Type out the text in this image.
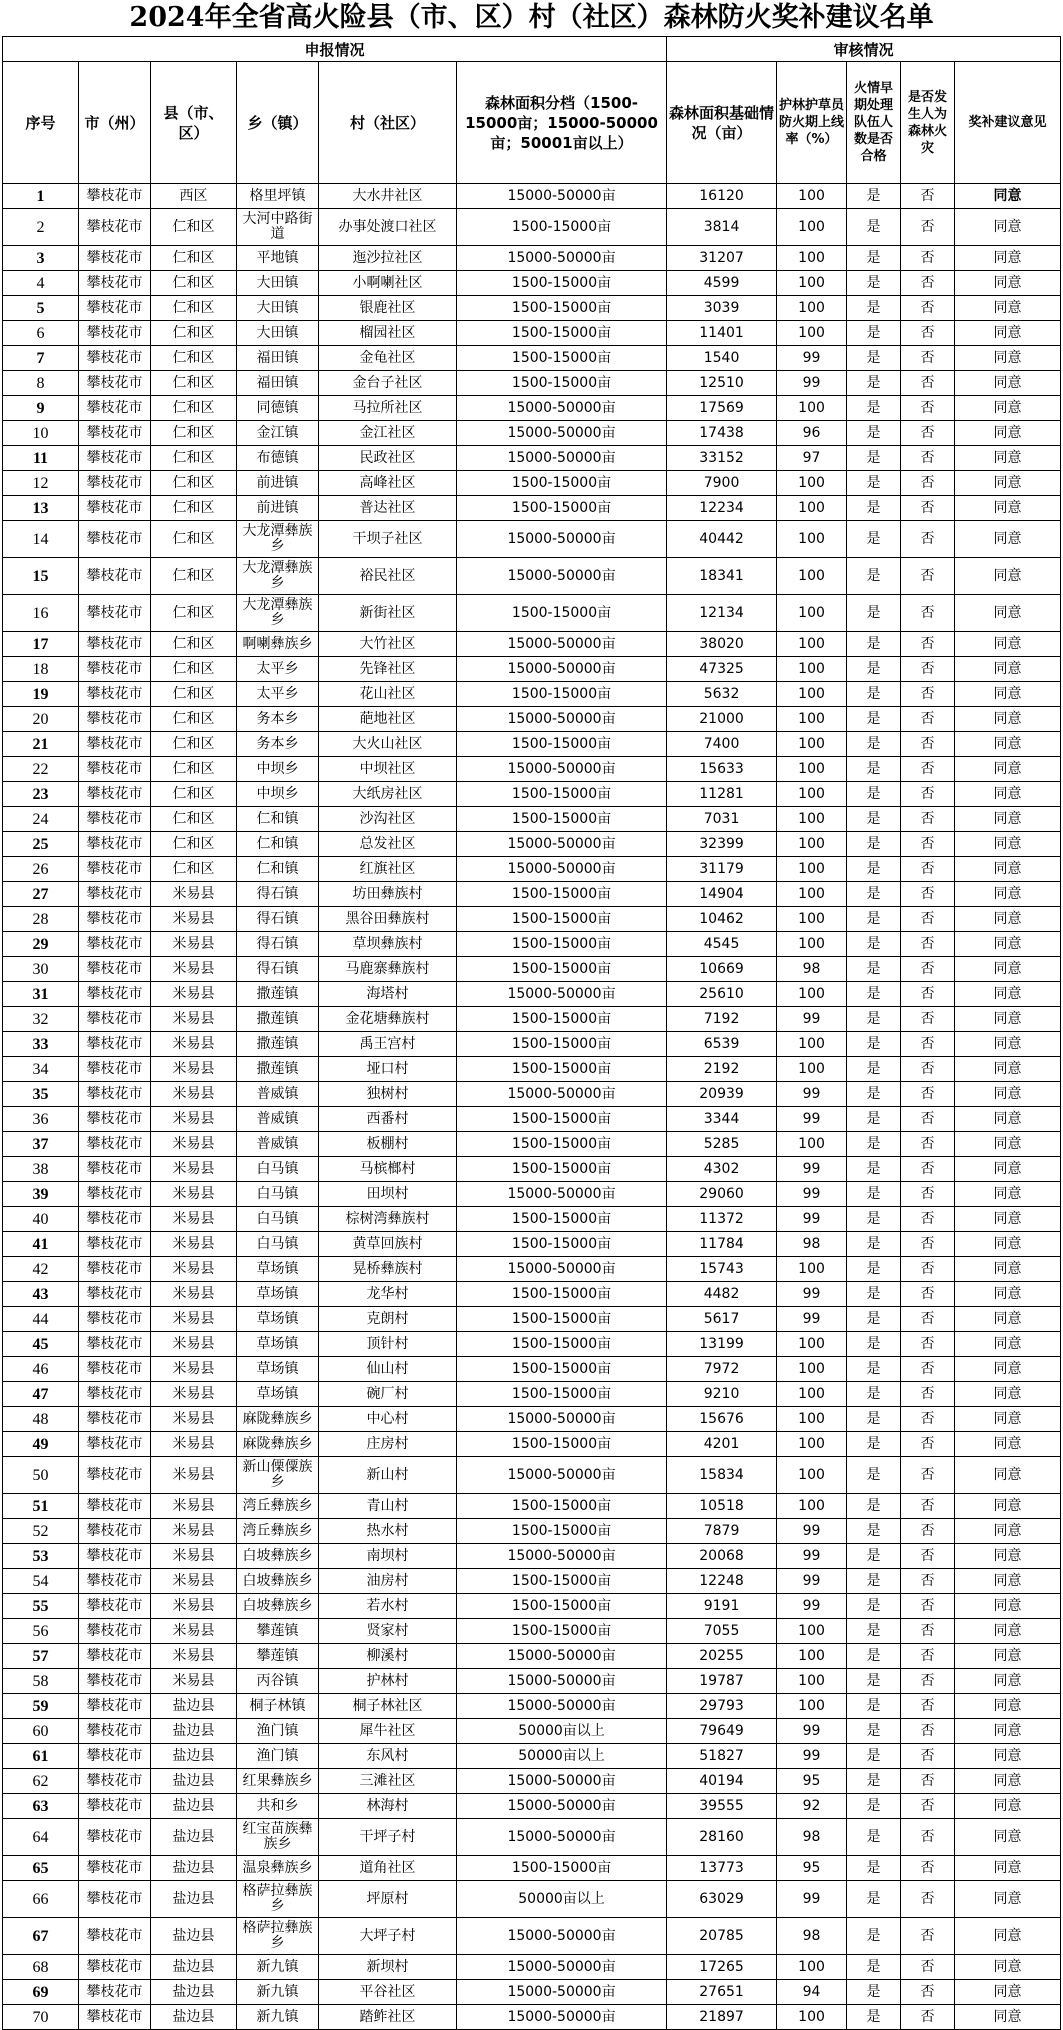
2024年全省高火险县（市、区）村（社区）森林防火奖补建议名单
申报情况						审核情况				
序号	市（州）	县（市、区）	乡（镇）	村（社区）	森林面积分档（1500-15000亩；15000-50000亩；50001亩以上）	森林面积基础情况（亩）	护林护草员防火期上线率（%）	火情早期处理队伍人数是否合格	是否发生人为森林火灾	奖补建议意见
1	攀枝花市	西区	格里坪镇	大水井社区	15000-50000亩	16120	100	是	否	同意
2	攀枝花市	仁和区	大河中路街道	办事处渡口社区	1500-15000亩	3814	100	是	否	同意
3	攀枝花市	仁和区	平地镇	迤沙拉社区	15000-50000亩	31207	100	是	否	同意
4	攀枝花市	仁和区	大田镇	小啊喇社区	1500-15000亩	4599	100	是	否	同意
5	攀枝花市	仁和区	大田镇	银鹿社区	1500-15000亩	3039	100	是	否	同意
6	攀枝花市	仁和区	大田镇	榴园社区	1500-15000亩	11401	100	是	否	同意
7	攀枝花市	仁和区	福田镇	金龟社区	1500-15000亩	1540	99	是	否	同意
8	攀枝花市	仁和区	福田镇	金台子社区	1500-15000亩	12510	99	是	否	同意
9	攀枝花市	仁和区	同德镇	马拉所社区	15000-50000亩	17569	100	是	否	同意
10	攀枝花市	仁和区	金江镇	金江社区	15000-50000亩	17438	96	是	否	同意
11	攀枝花市	仁和区	布德镇	民政社区	15000-50000亩	33152	97	是	否	同意
12	攀枝花市	仁和区	前进镇	高峰社区	1500-15000亩	7900	100	是	否	同意
13	攀枝花市	仁和区	前进镇	普达社区	1500-15000亩	12234	100	是	否	同意
14	攀枝花市	仁和区	大龙潭彝族乡	干坝子社区	15000-50000亩	40442	100	是	否	同意
15	攀枝花市	仁和区	大龙潭彝族乡	裕民社区	15000-50000亩	18341	100	是	否	同意
16	攀枝花市	仁和区	大龙潭彝族乡	新街社区	1500-15000亩	12134	100	是	否	同意
17	攀枝花市	仁和区	啊喇彝族乡	大竹社区	15000-50000亩	38020	100	是	否	同意
18	攀枝花市	仁和区	太平乡	先锋社区	15000-50000亩	47325	100	是	否	同意
19	攀枝花市	仁和区	太平乡	花山社区	1500-15000亩	5632	100	是	否	同意
20	攀枝花市	仁和区	务本乡	葩地社区	15000-50000亩	21000	100	是	否	同意
21	攀枝花市	仁和区	务本乡	大火山社区	1500-15000亩	7400	100	是	否	同意
22	攀枝花市	仁和区	中坝乡	中坝社区	15000-50000亩	15633	100	是	否	同意
23	攀枝花市	仁和区	中坝乡	大纸房社区	1500-15000亩	11281	100	是	否	同意
24	攀枝花市	仁和区	仁和镇	沙沟社区	1500-15000亩	7031	100	是	否	同意
25	攀枝花市	仁和区	仁和镇	总发社区	15000-50000亩	32399	100	是	否	同意
26	攀枝花市	仁和区	仁和镇	红旗社区	15000-50000亩	31179	100	是	否	同意
27	攀枝花市	米易县	得石镇	坊田彝族村	1500-15000亩	14904	100	是	否	同意
28	攀枝花市	米易县	得石镇	黑谷田彝族村	1500-15000亩	10462	100	是	否	同意
29	攀枝花市	米易县	得石镇	草坝彝族村	1500-15000亩	4545	100	是	否	同意
30	攀枝花市	米易县	得石镇	马鹿寨彝族村	1500-15000亩	10669	98	是	否	同意
31	攀枝花市	米易县	撒莲镇	海塔村	15000-50000亩	25610	100	是	否	同意
32	攀枝花市	米易县	撒莲镇	金花塘彝族村	1500-15000亩	7192	99	是	否	同意
33	攀枝花市	米易县	撒莲镇	禹王宫村	1500-15000亩	6539	100	是	否	同意
34	攀枝花市	米易县	撒莲镇	垭口村	1500-15000亩	2192	100	是	否	同意
35	攀枝花市	米易县	普威镇	独树村	15000-50000亩	20939	99	是	否	同意
36	攀枝花市	米易县	普威镇	西番村	1500-15000亩	3344	99	是	否	同意
37	攀枝花市	米易县	普威镇	板棚村	1500-15000亩	5285	100	是	否	同意
38	攀枝花市	米易县	白马镇	马槟榔村	1500-15000亩	4302	99	是	否	同意
39	攀枝花市	米易县	白马镇	田坝村	15000-50000亩	29060	99	是	否	同意
40	攀枝花市	米易县	白马镇	棕树湾彝族村	1500-15000亩	11372	99	是	否	同意
41	攀枝花市	米易县	白马镇	黄草回族村	1500-15000亩	11784	98	是	否	同意
42	攀枝花市	米易县	草场镇	晃桥彝族村	15000-50000亩	15743	100	是	否	同意
43	攀枝花市	米易县	草场镇	龙华村	1500-15000亩	4482	99	是	否	同意
44	攀枝花市	米易县	草场镇	克朗村	1500-15000亩	5617	99	是	否	同意
45	攀枝花市	米易县	草场镇	顶针村	1500-15000亩	13199	100	是	否	同意
46	攀枝花市	米易县	草场镇	仙山村	1500-15000亩	7972	100	是	否	同意
47	攀枝花市	米易县	草场镇	碗厂村	1500-15000亩	9210	100	是	否	同意
48	攀枝花市	米易县	麻陇彝族乡	中心村	15000-50000亩	15676	100	是	否	同意
49	攀枝花市	米易县	麻陇彝族乡	庄房村	1500-15000亩	4201	100	是	否	同意
50	攀枝花市	米易县	新山傈僳族乡	新山村	15000-50000亩	15834	100	是	否	同意
51	攀枝花市	米易县	湾丘彝族乡	青山村	1500-15000亩	10518	100	是	否	同意
52	攀枝花市	米易县	湾丘彝族乡	热水村	1500-15000亩	7879	99	是	否	同意
53	攀枝花市	米易县	白坡彝族乡	南坝村	15000-50000亩	20068	99	是	否	同意
54	攀枝花市	米易县	白坡彝族乡	油房村	1500-15000亩	12248	99	是	否	同意
55	攀枝花市	米易县	白坡彝族乡	若水村	1500-15000亩	9191	99	是	否	同意
56	攀枝花市	米易县	攀莲镇	贤家村	1500-15000亩	7055	100	是	否	同意
57	攀枝花市	米易县	攀莲镇	柳溪村	15000-50000亩	20255	100	是	否	同意
58	攀枝花市	米易县	丙谷镇	护林村	15000-50000亩	19787	100	是	否	同意
59	攀枝花市	盐边县	桐子林镇	桐子林社区	15000-50000亩	29793	100	是	否	同意
60	攀枝花市	盐边县	渔门镇	犀牛社区	50000亩以上	79649	99	是	否	同意
61	攀枝花市	盐边县	渔门镇	东风村	50000亩以上	51827	99	是	否	同意
62	攀枝花市	盐边县	红果彝族乡	三滩社区	15000-50000亩	40194	95	是	否	同意
63	攀枝花市	盐边县	共和乡	林海村	15000-50000亩	39555	92	是	否	同意
64	攀枝花市	盐边县	红宝苗族彝族乡	干坪子村	15000-50000亩	28160	98	是	否	同意
65	攀枝花市	盐边县	温泉彝族乡	道角社区	1500-15000亩	13773	95	是	否	同意
66	攀枝花市	盐边县	格萨拉彝族乡	坪原村	50000亩以上	63029	99	是	否	同意
67	攀枝花市	盐边县	格萨拉彝族乡	大坪子村	15000-50000亩	20785	98	是	否	同意
68	攀枝花市	盐边县	新九镇	新坝村	15000-50000亩	17265	100	是	否	同意
69	攀枝花市	盐边县	新九镇	平谷社区	15000-50000亩	27651	94	是	否	同意
70	攀枝花市	盐边县	新九镇	踏鲊社区	15000-50000亩	21897	100	是	否	同意
